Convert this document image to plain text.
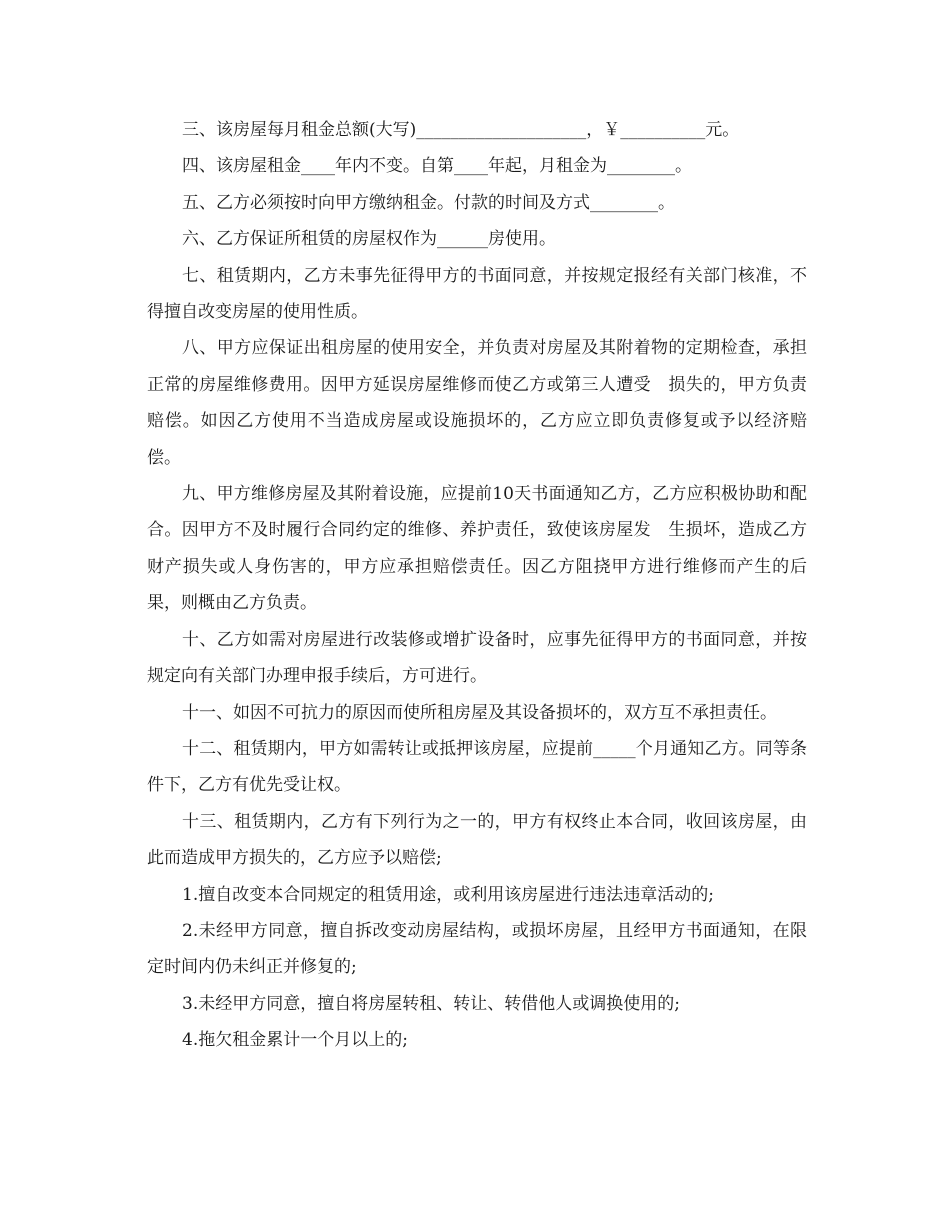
三、该房屋每月租金总额(大写)____________________，￥__________元。

四、该房屋租金____年内不变。自第____年起，月租金为________。

五、乙方必须按时向甲方缴纳租金。付款的时间及方式________。

六、乙方保证所租赁的房屋权作为______房使用。

七、租赁期内，乙方未事先征得甲方的书面同意，并按规定报经有关部门核准，不得擅自改变房屋的使用性质。

八、甲方应保证出租房屋的使用安全，并负责对房屋及其附着物的定期检查，承担正常的房屋维修费用。因甲方延误房屋维修而使乙方或第三人遭受　损失的，甲方负责赔偿。如因乙方使用不当造成房屋或设施损坏的，乙方应立即负责修复或予以经济赔偿。

九、甲方维修房屋及其附着设施，应提前10天书面通知乙方，乙方应积极协助和配合。因甲方不及时履行合同约定的维修、养护责任，致使该房屋发　生损坏，造成乙方财产损失或人身伤害的，甲方应承担赔偿责任。因乙方阻挠甲方进行维修而产生的后果，则概由乙方负责。

十、乙方如需对房屋进行改装修或增扩设备时，应事先征得甲方的书面同意，并按规定向有关部门办理申报手续后，方可进行。

十一、如因不可抗力的原因而使所租房屋及其设备损坏的，双方互不承担责任。

十二、租赁期内，甲方如需转让或抵押该房屋，应提前_____个月通知乙方。同等条件下，乙方有优先受让权。

十三、租赁期内，乙方有下列行为之一的，甲方有权终止本合同，收回该房屋，由此而造成甲方损失的，乙方应予以赔偿;

1.擅自改变本合同规定的租赁用途，或利用该房屋进行违法违章活动的;

2.未经甲方同意，擅自拆改变动房屋结构，或损坏房屋，且经甲方书面通知，在限定时间内仍未纠正并修复的;

3.未经甲方同意，擅自将房屋转租、转让、转借他人或调换使用的;

4.拖欠租金累计一个月以上的;
